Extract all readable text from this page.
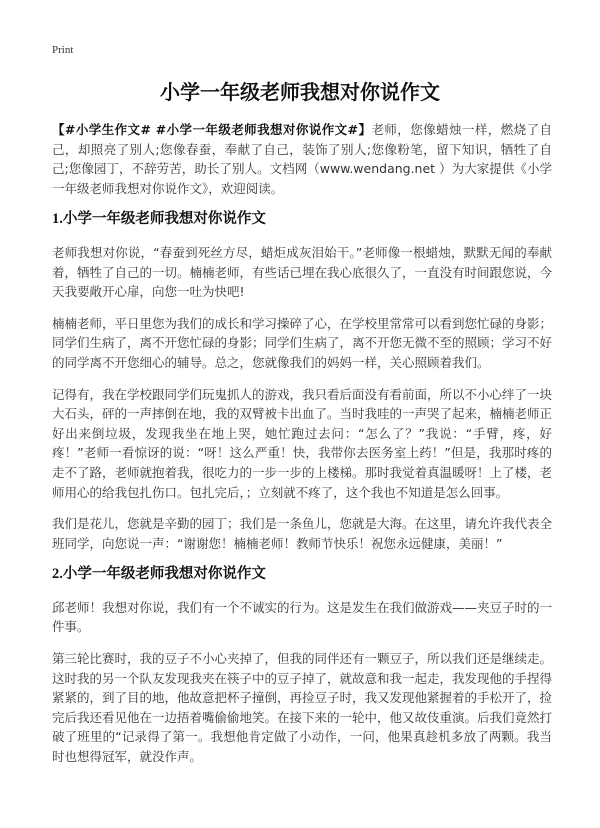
Print
小学一年级老师我想对你说作文

【#小学生作文# #小学一年级老师我想对你说作文#】老师，您像蜡烛一样，燃烧了自己，却照亮了别人;您像春蚕，奉献了自己，装饰了别人;您像粉笔，留下知识，牺牲了自己;您像园丁，不辞劳苦，助长了别人。文档网（www.wendang.net ）为大家提供《小学一年级老师我想对你说作文》，欢迎阅读。

1.小学一年级老师我想对你说作文

老师我想对你说，“春蚕到死丝方尽，蜡炬成灰泪始干。”老师像一根蜡烛，默默无闻的奉献着，牺牲了自己的一切。楠楠老师，有些话已埋在我心底很久了，一直没有时间跟您说，今天我要敞开心扉，向您一吐为快吧!

楠楠老师，平日里您为我们的成长和学习操碎了心，在学校里常常可以看到您忙碌的身影；同学们生病了，离不开您忙碌的身影；同学们生病了，离不开您无微不至的照顾；学习不好的同学离不开您细心的辅导。总之，您就像我们的妈妈一样，关心照顾着我们。

记得有，我在学校跟同学们玩鬼抓人的游戏，我只看后面没有看前面，所以不小心绊了一块大石头，砰的一声摔倒在地，我的双臂被卡出血了。当时我哇的一声哭了起来，楠楠老师正好出来倒垃圾，发现我坐在地上哭，她忙跑过去问：“怎么了？”我说：“手臂，疼，好疼！”老师一看惊讶的说：“呀！这么严重！快，我带你去医务室上药！”但是，我那时疼的走不了路，老师就抱着我，很吃力的一步一步的上楼梯。那时我觉着真温暖呀！上了楼，老师用心的给我包扎伤口。包扎完后，；立刻就不疼了，这个我也不知道是怎么回事。

我们是花儿，您就是辛勤的园丁；我们是一条鱼儿，您就是大海。在这里，请允许我代表全班同学，向您说一声：“谢谢您！楠楠老师！教师节快乐！祝您永远健康，美丽！”

2.小学一年级老师我想对你说作文

邱老师！我想对你说，我们有一个不诚实的行为。这是发生在我们做游戏——夹豆子时的一件事。

第三轮比赛时，我的豆子不小心夹掉了，但我的同伴还有一颗豆子，所以我们还是继续走。这时我的另一个队友发现我夹在筷子中的豆子掉了，就故意和我一起走，我发现他的手捏得紧紧的，到了目的地，他故意把杯子撞倒，再捡豆子时，我又发现他紧握着的手松开了，捡完后我还看见他在一边捂着嘴偷偷地笑。在接下来的一轮中，他又故伎重演。后我们竟然打破了班里的“记录得了第一。我想他肯定做了小动作，一问，他果真趁机多放了两颗。我当时也想得冠军，就没作声。
